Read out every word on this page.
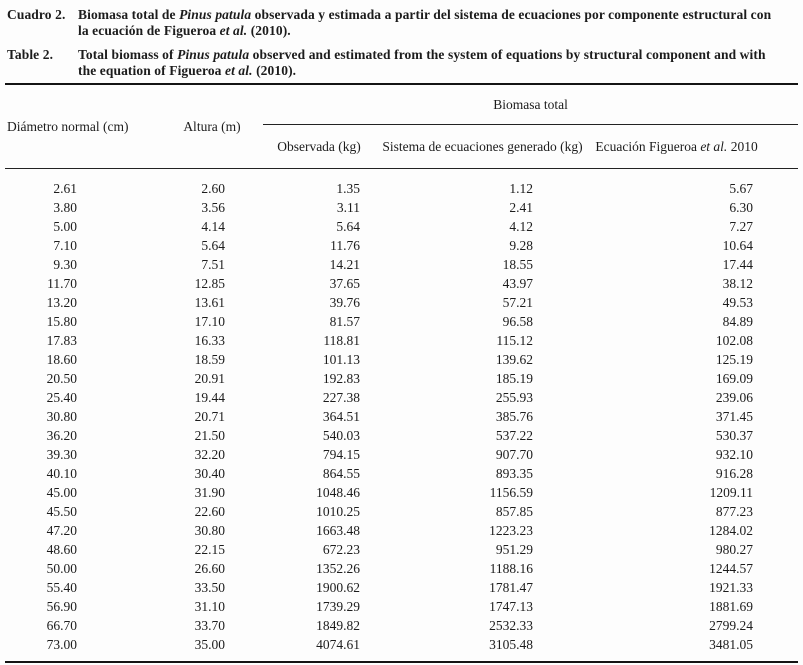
Cuadro 2. Biomasa total de Pinus patula observada y estimada a partir del sistema de ecuaciones por componente estructural con
la ecuación de Figueroa et al. (2010).
Table 2.	Total biomass of Pinus patula observed and estimated from the system of equations by structural component and with
the equation of Figueroa et al. (2010).
Diámetro normal (cm)	Altura (m)	Biomasa total		
		Observada (kg)	Sistema de ecuaciones generado (kg)	Ecuación Figueroa et al. 2010
2.61	2.60	1.35	1.12	5.67
3.80	3.56	3.11	2.41	6.30
5.00	4.14	5.64	4.12	7.27
7.10	5.64	11.76	9.28	10.64
9.30	7.51	14.21	18.55	17.44
11.70	12.85	37.65	43.97	38.12
13.20	13.61	39.76	57.21	49.53
15.80	17.10	81.57	96.58	84.89
17.83	16.33	118.81	115.12	102.08
18.60	18.59	101.13	139.62	125.19
20.50	20.91	192.83	185.19	169.09
25.40	19.44	227.38	255.93	239.06
30.80	20.71	364.51	385.76	371.45
36.20	21.50	540.03	537.22	530.37
39.30	32.20	794.15	907.70	932.10
40.10	30.40	864.55	893.35	916.28
45.00	31.90	1048.46	1156.59	1209.11
45.50	22.60	1010.25	857.85	877.23
47.20	30.80	1663.48	1223.23	1284.02
48.60	22.15	672.23	951.29	980.27
50.00	26.60	1352.26	1188.16	1244.57
55.40	33.50	1900.62	1781.47	1921.33
56.90	31.10	1739.29	1747.13	1881.69
66.70	33.70	1849.82	2532.33	2799.24
73.00	35.00	4074.61	3105.48	3481.05
